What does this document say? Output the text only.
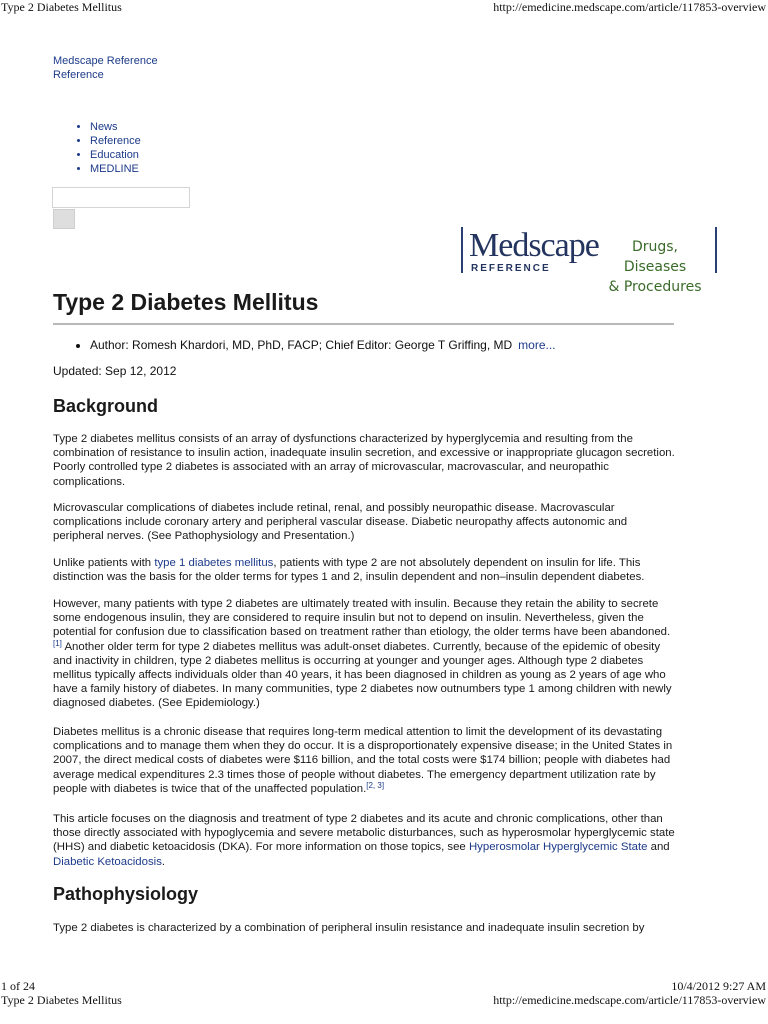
Type 2 Diabetes Mellitus	http://emedicine.medscape.com/article/117853-overview
Medscape Reference
Reference
• News
• Reference
• Education
• MEDLINE
Medscape
REFERENCE
Drugs, Diseases
& Procedures
Type 2 Diabetes Mellitus
• Author: Romesh Khardori, MD, PhD, FACP; Chief Editor: George T Griffing, MD more...
Updated: Sep 12, 2012
Background

Type 2 diabetes mellitus consists of an array of dysfunctions characterized by hyperglycemia and resulting from the combination of resistance to insulin action, inadequate insulin secretion, and excessive or inappropriate glucagon secretion. Poorly controlled type 2 diabetes is associated with an array of microvascular, macrovascular, and neuropathic complications.

Microvascular complications of diabetes include retinal, renal, and possibly neuropathic disease. Macrovascular complications include coronary artery and peripheral vascular disease. Diabetic neuropathy affects autonomic and peripheral nerves. (See Pathophysiology and Presentation.)

Unlike patients with type 1 diabetes mellitus, patients with type 2 are not absolutely dependent on insulin for life. This distinction was the basis for the older terms for types 1 and 2, insulin dependent and non–insulin dependent diabetes.

However, many patients with type 2 diabetes are ultimately treated with insulin. Because they retain the ability to secrete some endogenous insulin, they are considered to require insulin but not to depend on insulin. Nevertheless, given the potential for confusion due to classification based on treatment rather than etiology, the older terms have been abandoned.[1] Another older term for type 2 diabetes mellitus was adult-onset diabetes. Currently, because of the epidemic of obesity and inactivity in children, type 2 diabetes mellitus is occurring at younger and younger ages. Although type 2 diabetes mellitus typically affects individuals older than 40 years, it has been diagnosed in children as young as 2 years of age who have a family history of diabetes. In many communities, type 2 diabetes now outnumbers type 1 among children with newly diagnosed diabetes. (See Epidemiology.)

Diabetes mellitus is a chronic disease that requires long-term medical attention to limit the development of its devastating complications and to manage them when they do occur. It is a disproportionately expensive disease; in the United States in 2007, the direct medical costs of diabetes were $116 billion, and the total costs were $174 billion; people with diabetes had average medical expenditures 2.3 times those of people without diabetes. The emergency department utilization rate by people with diabetes is twice that of the unaffected population.[2, 3]

This article focuses on the diagnosis and treatment of type 2 diabetes and its acute and chronic complications, other than those directly associated with hypoglycemia and severe metabolic disturbances, such as hyperosmolar hyperglycemic state (HHS) and diabetic ketoacidosis (DKA). For more information on those topics, see Hyperosmolar Hyperglycemic State and Diabetic Ketoacidosis.

Pathophysiology

Type 2 diabetes is characterized by a combination of peripheral insulin resistance and inadequate insulin secretion by

1 of 24	10/4/2012 9:27 AM
Type 2 Diabetes Mellitus	http://emedicine.medscape.com/article/117853-overview
